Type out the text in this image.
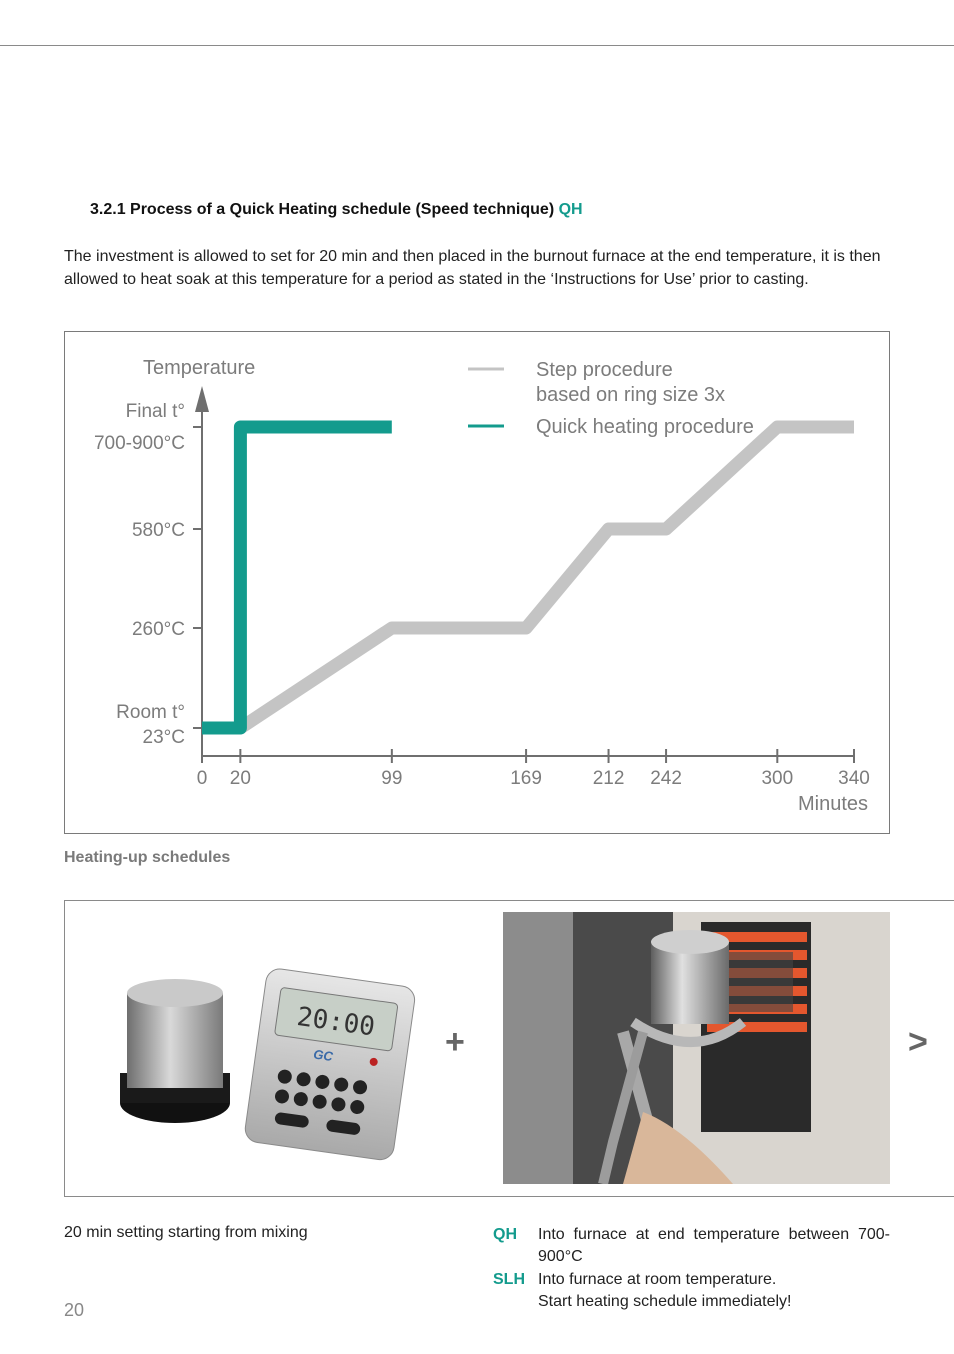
3.2.1 Process of a Quick Heating schedule (Speed technique) QH

The investment is allowed to set for 20 min and then placed in the burnout furnace at the end temperature, it is then allowed to heat soak at this temperature for a period as stated in the ‘Instructions for Use’ prior to casting.

Final t°
700-900°C
580°C
260°C
Room t°
23°C
0 20	99	169	212 242	300 340
Step procedure
based on ring size 3x
Quick heating procedure
Temperature
Minutes
Heating-up schedules
20:00
GC	+	>
20 min setting starting from mixing	QH	Into furnace at end temperature between 700-900°C
SLH Into furnace at room temperature.
Start heating schedule immediately!
20
